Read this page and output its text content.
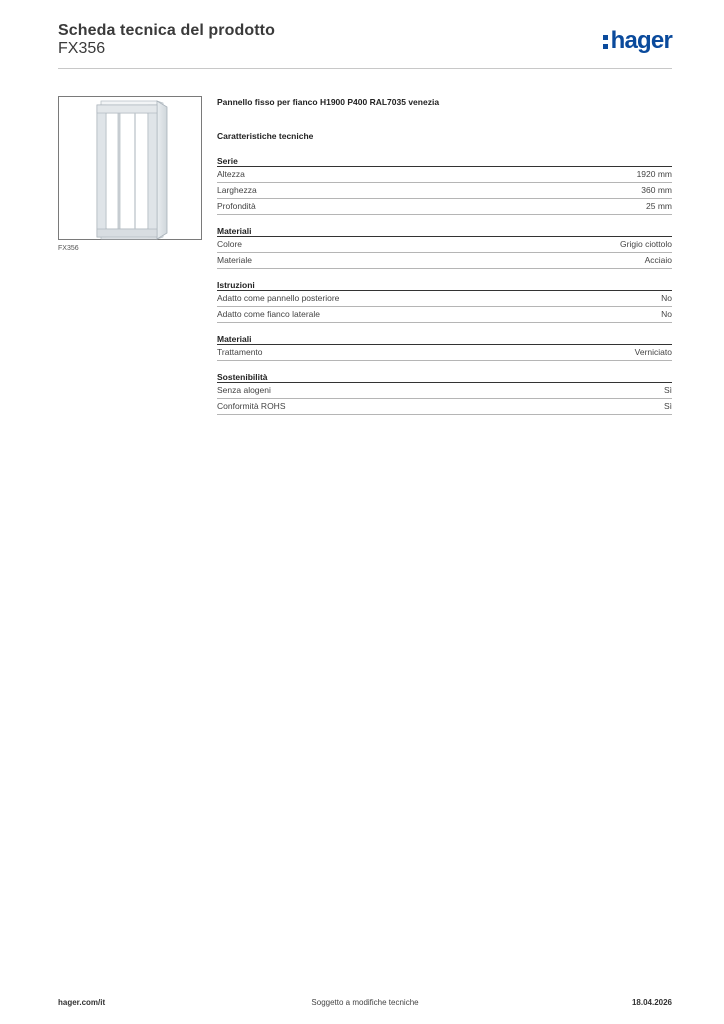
Scheda tecnica del prodotto
FX356	hager
FX356
Pannello fisso per fianco H1900 P400 RAL7035 venezia
Caratteristiche tecniche
Serie
Altezza	1920 mm
Larghezza	360 mm
Profondità	25 mm
Materiali
Colore	Grigio ciottolo
Materiale	Acciaio
Istruzioni
Adatto come pannello posteriore	No
Adatto come fianco laterale	No
Materiali
Trattamento	Verniciato
Sostenibilità
Senza alogeni	Sì
Conformità ROHS	Sì
hager.com/it	Soggetto a modifiche tecniche	18.04.2026
